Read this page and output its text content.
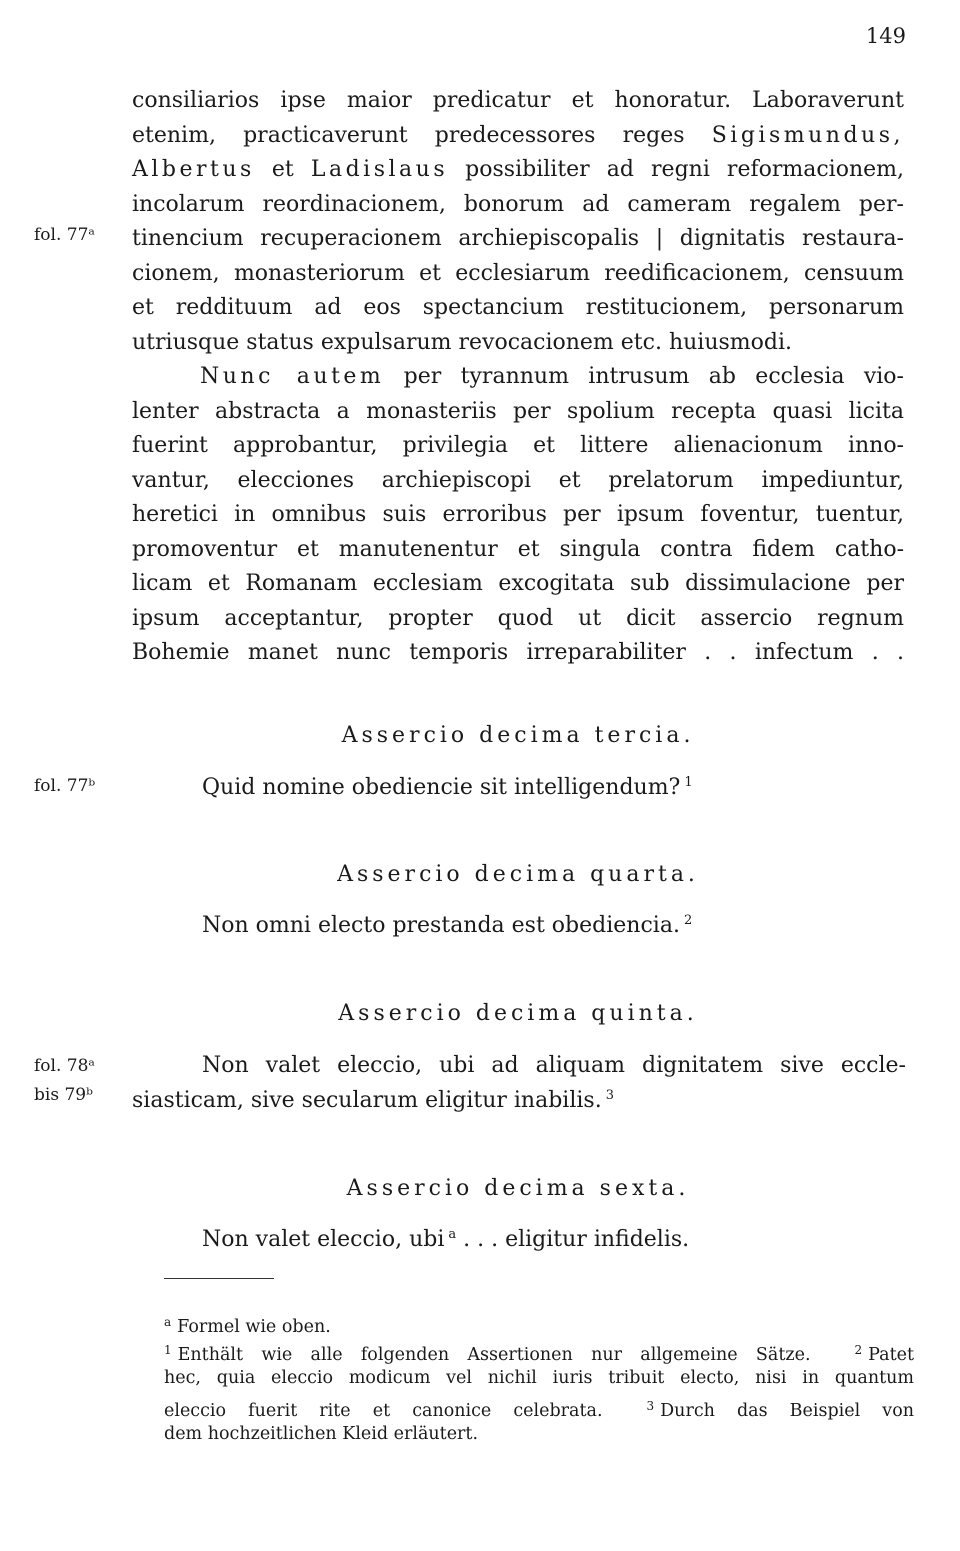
149
fol. 77ᵃ
fol. 77ᵇ
fol. 78ᵃ
bis 79ᵇ
consiliarios ipse maior predicatur et honoratur. Laboraverunt
etenim, practicaverunt predecessores reges Sigismundus,
Albertus et Ladislaus possibiliter ad regni reformacionem,
incolarum reordinacionem, bonorum ad cameram regalem per-
tinencium recuperacionem archiepiscopalis | dignitatis restaura-
cionem, monasteriorum et ecclesiarum reedificacionem, censuum
et reddituum ad eos spectancium restitucionem, personarum
utriusque status expulsarum revocacionem etc. huiusmodi.
Nunc autem per tyrannum intrusum ab ecclesia vio-
lenter abstracta a monasteriis per spolium recepta quasi licita
fuerint approbantur, privilegia et littere alienacionum inno-
vantur, elecciones archiepiscopi et prelatorum impediuntur,
heretici in omnibus suis erroribus per ipsum foventur, tuentur,
promoventur et manutenentur et singula contra fidem catho-
licam et Romanam ecclesiam excogitata sub dissimulacione per
ipsum acceptantur, propter quod ut dicit assercio regnum
Bohemie manet nunc temporis irreparabiliter . . infectum . .
Assercio decima tercia.
Quid nomine obediencie sit intelligendum? $^1$
Assercio decima quarta.
Non omni electo prestanda est obediencia. $^2$
Assercio decima quinta.
Non valet eleccio, ubi ad aliquam dignitatem sive eccle-
siasticam, sive secularum eligitur inabilis. $^3$
Assercio decima sexta.
Non valet eleccio, ubi $^a$ . . . eligitur infidelis.
$^a$ Formel wie oben.
$^1$ Enthält wie alle folgenden Assertionen nur allgemeine Sätze.	$^2$ Patet
hec, quia eleccio modicum vel nichil iuris tribuit electo, nisi in quantum
eleccio fuerit rite et canonice celebrata.	$^3$ Durch das Beispiel von
dem hochzeitlichen Kleid erläutert.
